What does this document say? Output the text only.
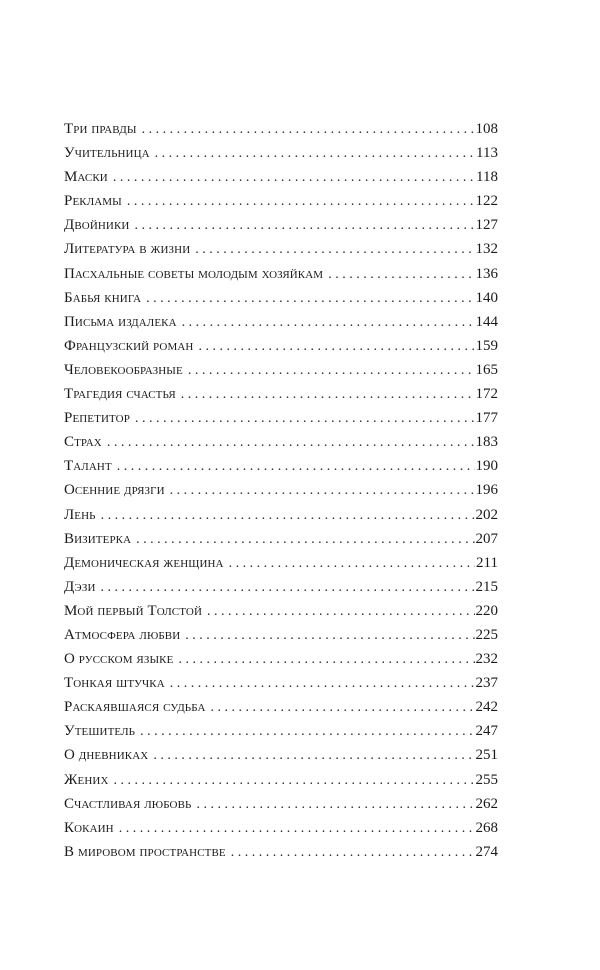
Три правды . . .	108
Учительница . . .	113
Маски . . .	118
Рекламы . . .	122
Двойники . . .	127
Литература в жизни . . .	132
Пасхальные советы молодым хозяйкам . . .	136
Бабья книга . . .	140
Письма издалека . . .	144
Французский роман . . .	159
Человекообразные . . .	165
Трагедия счастья . . .	172
Репетитор . . .	177
Страх . . .	183
Талант . . .	190
Осенние дрязги . . .	196
Лень . . .	202
Визитерка . . .	207
Демоническая женщина . . .	211
Дэзи . . .	215
Мой первый Толстой . . .	220
Атмосфера любви . . .	225
О русском языке . . .	232
Тонкая штучка . . .	237
Раскаявшаяся судьба . . .	242
Утешитель . . .	247
О дневниках . . .	251
Жених . . .	255
Счастливая любовь . . .	262
Кокаин . . .	268
В мировом пространстве . . .	274
